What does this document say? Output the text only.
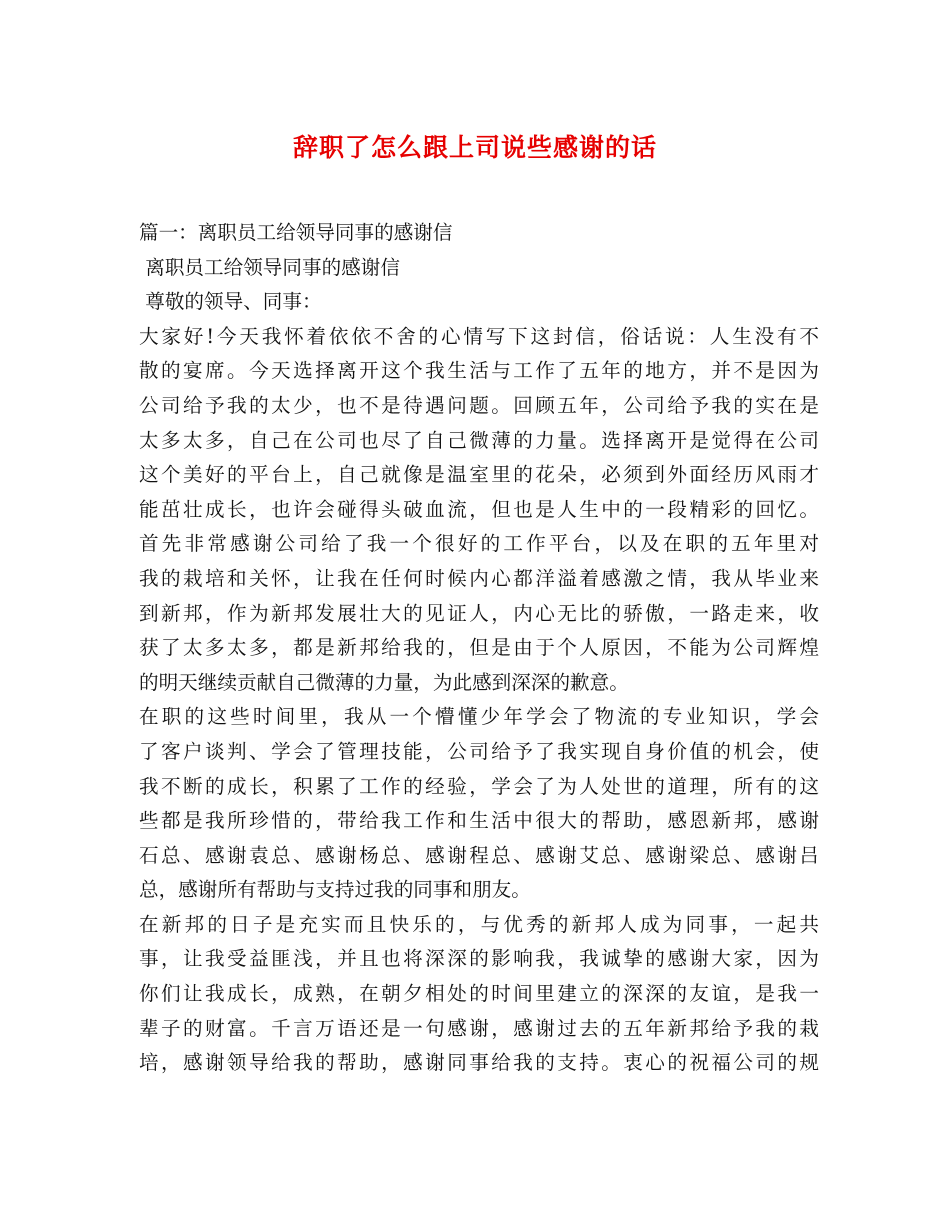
辞职了怎么跟上司说些感谢的话
篇一：离职员工给领导同事的感谢信
离职员工给领导同事的感谢信
尊敬的领导、同事：
大家好!今天我怀着依依不舍的心情写下这封信，俗话说：人生没有不
散的宴席。今天选择离开这个我生活与工作了五年的地方，并不是因为
公司给予我的太少，也不是待遇问题。回顾五年，公司给予我的实在是
太多太多，自己在公司也尽了自己微薄的力量。选择离开是觉得在公司
这个美好的平台上，自己就像是温室里的花朵，必须到外面经历风雨才
能茁壮成长，也许会碰得头破血流，但也是人生中的一段精彩的回忆。
首先非常感谢公司给了我一个很好的工作平台，以及在职的五年里对
我的栽培和关怀，让我在任何时候内心都洋溢着感激之情，我从毕业来
到新邦，作为新邦发展壮大的见证人，内心无比的骄傲，一路走来，收
获了太多太多，都是新邦给我的，但是由于个人原因，不能为公司辉煌
的明天继续贡献自己微薄的力量，为此感到深深的歉意。
在职的这些时间里，我从一个懵懂少年学会了物流的专业知识，学会
了客户谈判、学会了管理技能，公司给予了我实现自身价值的机会，使
我不断的成长，积累了工作的经验，学会了为人处世的道理，所有的这
些都是我所珍惜的，带给我工作和生活中很大的帮助，感恩新邦，感谢
石总、感谢袁总、感谢杨总、感谢程总、感谢艾总、感谢梁总、感谢吕
总，感谢所有帮助与支持过我的同事和朋友。
在新邦的日子是充实而且快乐的，与优秀的新邦人成为同事，一起共
事，让我受益匪浅，并且也将深深的影响我，我诚挚的感谢大家，因为
你们让我成长，成熟，在朝夕相处的时间里建立的深深的友谊，是我一
辈子的财富。千言万语还是一句感谢，感谢过去的五年新邦给予我的栽
培，感谢领导给我的帮助，感谢同事给我的支持。衷心的祝福公司的规
